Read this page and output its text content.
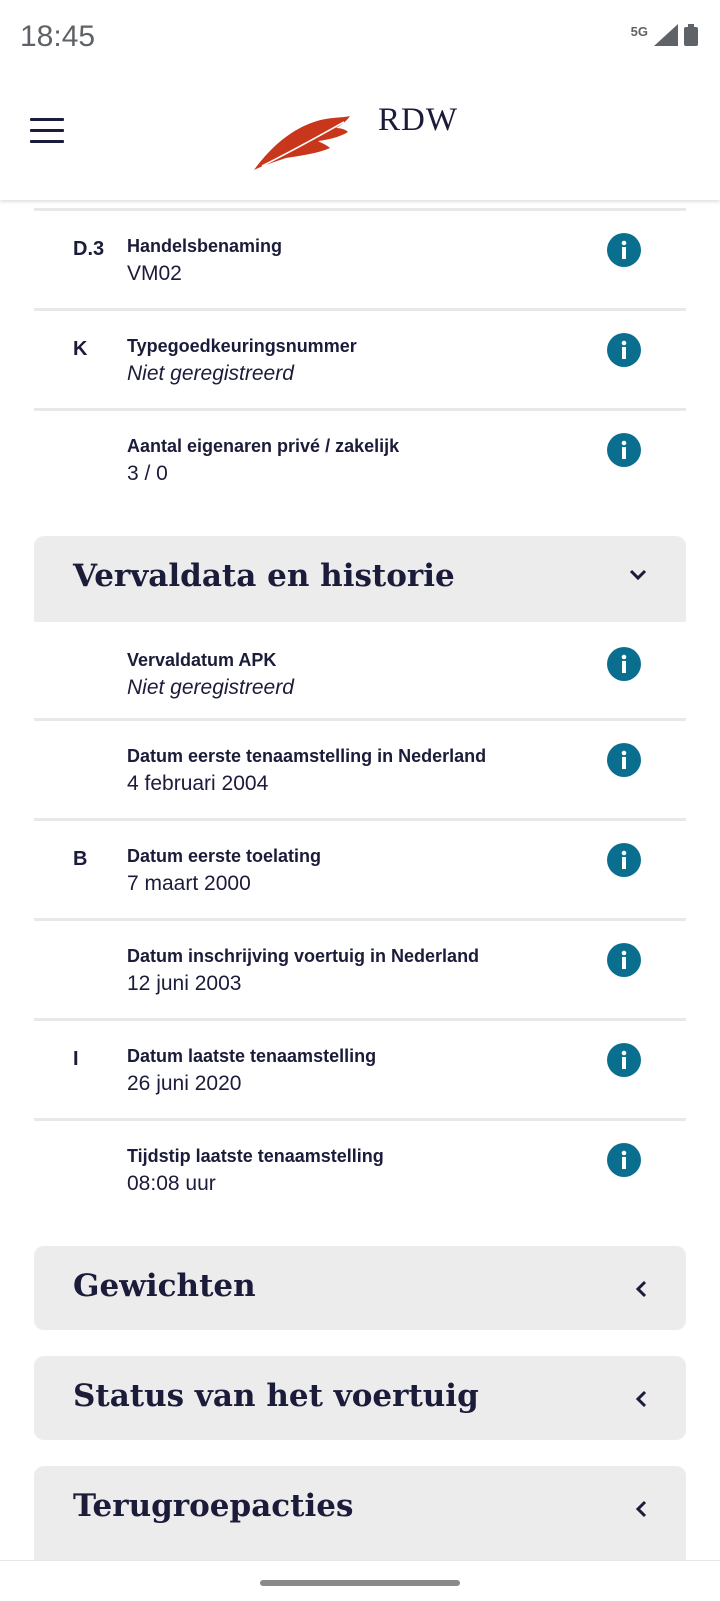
18:45	5G
RDW
D.3 Handelsbenaming
VM02
K Typegoedkeuringsnummer
Niet geregistreerd
Aantal eigenaren privé / zakelijk
3 / 0
Vervaldata en historie
Vervaldatum APK
Niet geregistreerd
Datum eerste tenaamstelling in Nederland
4 februari 2004
B Datum eerste toelating
7 maart 2000
Datum inschrijving voertuig in Nederland
12 juni 2003
I	Datum laatste tenaamstelling
26 juni 2020
Tijdstip laatste tenaamstelling
08:08 uur
Gewichten
Status van het voertuig
Terugroepacties
